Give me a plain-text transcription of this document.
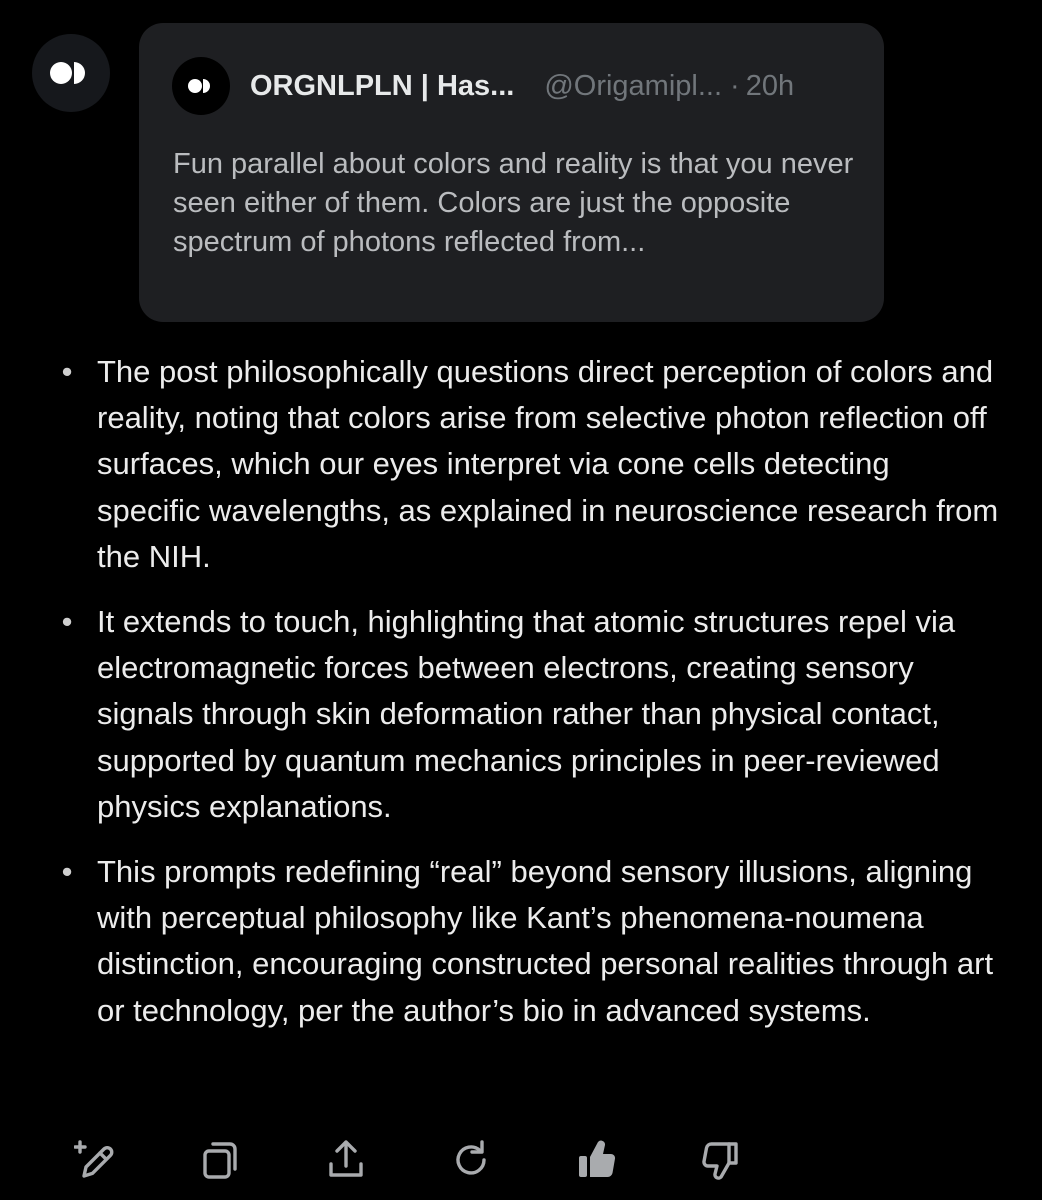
ORGNLPLN | Has... @Origamipl... · 20h
Fun parallel about colors and reality is that you never seen either of them. Colors are just the opposite spectrum of photons reflected from...
• The post philosophically questions direct perception of colors and reality, noting that colors arise from selective photon reflection off surfaces, which our eyes interpret via cone cells detecting specific wavelengths, as explained in neuroscience research from the NIH.
• It extends to touch, highlighting that atomic structures repel via electromagnetic forces between electrons, creating sensory signals through skin deformation rather than physical contact, supported by quantum mechanics principles in peer-reviewed physics explanations.
• This prompts redefining “real” beyond sensory illusions, aligning with perceptual philosophy like Kant’s phenomena-noumena distinction, encouraging constructed personal realities through art or technology, per the author’s bio in advanced systems.
